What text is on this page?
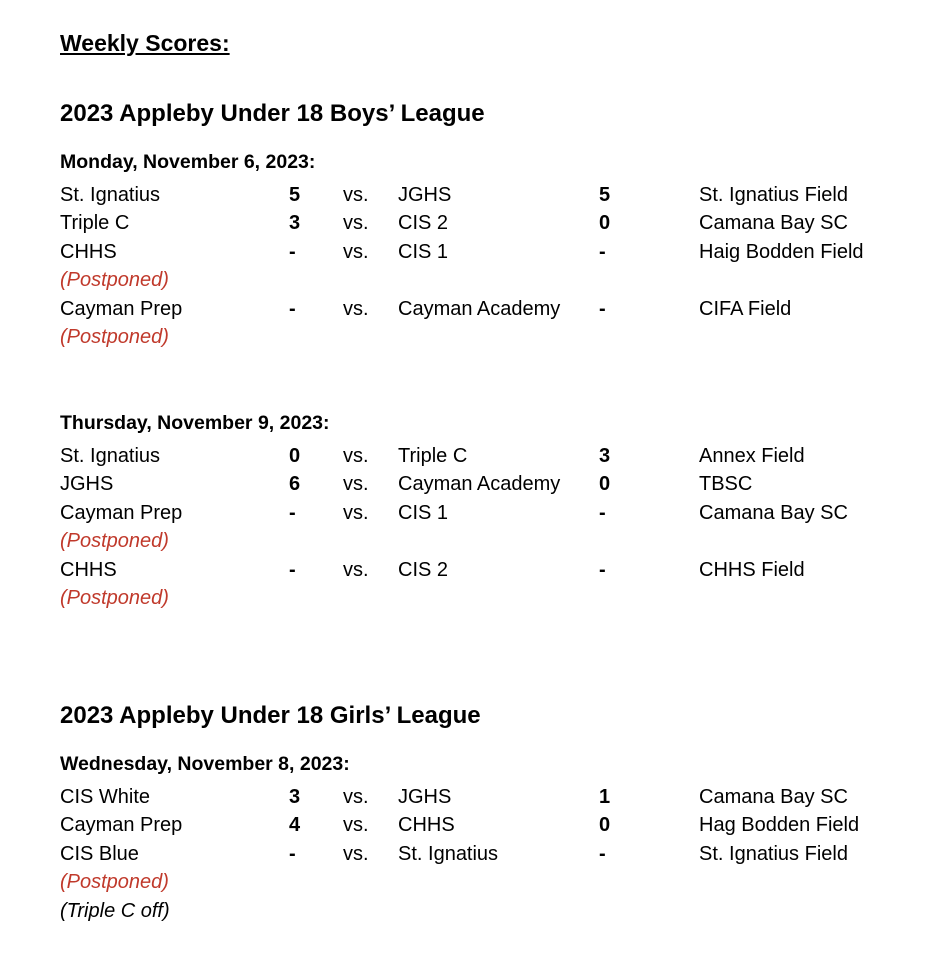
Weekly Scores:
2023 Appleby Under 18 Boys’ League
Monday, November 6, 2023:
St. Ignatius	5 vs. JGHS	5	St. Ignatius Field
Triple C	3 vs. CIS 2	0	Camana Bay SC
CHHS	- vs. CIS 1	-	Haig Bodden Field
(Postponed)
Cayman Prep	- vs. Cayman Academy -	CIFA Field
(Postponed)
Thursday, November 9, 2023:
St. Ignatius	0 vs. Triple C	3	Annex Field
JGHS	6 vs. Cayman Academy 0	TBSC
Cayman Prep	- vs. CIS 1	-	Camana Bay SC
(Postponed)
CHHS	- vs. CIS 2	-	CHHS Field
(Postponed)
2023 Appleby Under 18 Girls’ League
Wednesday, November 8, 2023:
CIS White	3 vs. JGHS	1	Camana Bay SC
Cayman Prep	4 vs. CHHS	0	Hag Bodden Field
CIS Blue	- vs. St. Ignatius	-	St. Ignatius Field
(Postponed)
(Triple C off)
